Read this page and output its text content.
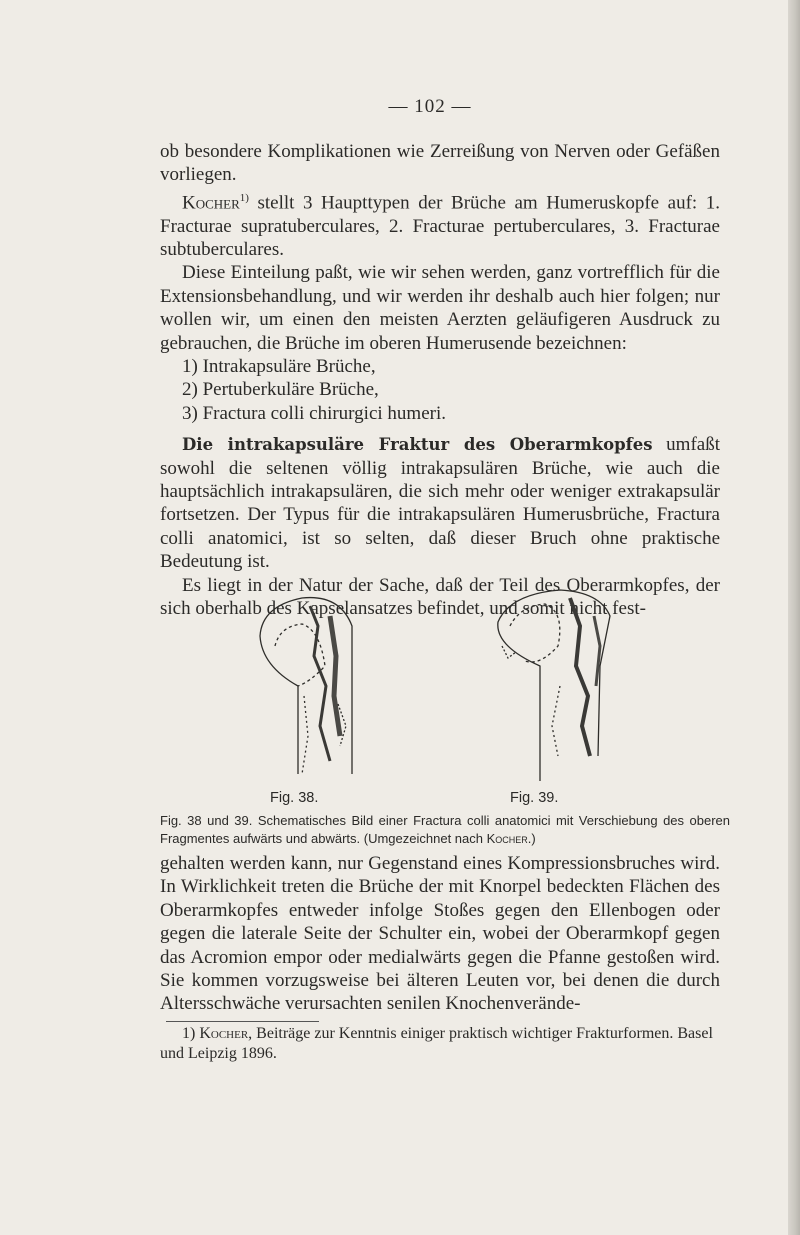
— 102 —

ob besondere Komplikationen wie Zerreißung von Nerven oder Gefäßen vorliegen.

Kocher$^{1)}$ stellt 3 Haupttypen der Brüche am Humeruskopfe auf: 1. Fracturae supratuberculares, 2. Fracturae pertuberculares, 3. Fracturae subtuberculares.

Diese Einteilung paßt, wie wir sehen werden, ganz vortrefflich für die Extensionsbehandlung, und wir werden ihr deshalb auch hier folgen; nur wollen wir, um einen den meisten Aerzten geläufigeren Ausdruck zu gebrauchen, die Brüche im oberen Humerusende bezeichnen:

1) Intrakapsuläre Brüche,

2) Pertuberkuläre Brüche,

3) Fractura colli chirurgici humeri.

Die intrakapsuläre Fraktur des Oberarmkopfes umfaßt sowohl die seltenen völlig intrakapsulären Brüche, wie auch die hauptsächlich intrakapsulären, die sich mehr oder weniger extrakapsulär fortsetzen. Der Typus für die intrakapsulären Humerusbrüche, Fractura colli anatomici, ist so selten, daß dieser Bruch ohne praktische Bedeutung ist.

Es liegt in der Natur der Sache, daß der Teil des Oberarmkopfes, der sich oberhalb des Kapselansatzes befindet, und somit nicht fest-

Fig. 38.	Fig. 39.
Fig. 38 und 39. Schematisches Bild einer Fractura colli anatomici mit Verschiebung des oberen Fragmentes aufwärts und abwärts. (Umgezeichnet nach Kocher.)

gehalten werden kann, nur Gegenstand eines Kompressionsbruches wird. In Wirklichkeit treten die Brüche der mit Knorpel bedeckten Flächen des Oberarmkopfes entweder infolge Stoßes gegen den Ellenbogen oder gegen die laterale Seite der Schulter ein, wobei der Oberarmkopf gegen das Acromion empor oder medialwärts gegen die Pfanne gestoßen wird. Sie kommen vorzugsweise bei älteren Leuten vor, bei denen die durch Altersschwäche verursachten senilen Knochenverände-

1) Kocher, Beiträge zur Kenntnis einiger praktisch wichtiger Frakturformen. Basel und Leipzig 1896.
